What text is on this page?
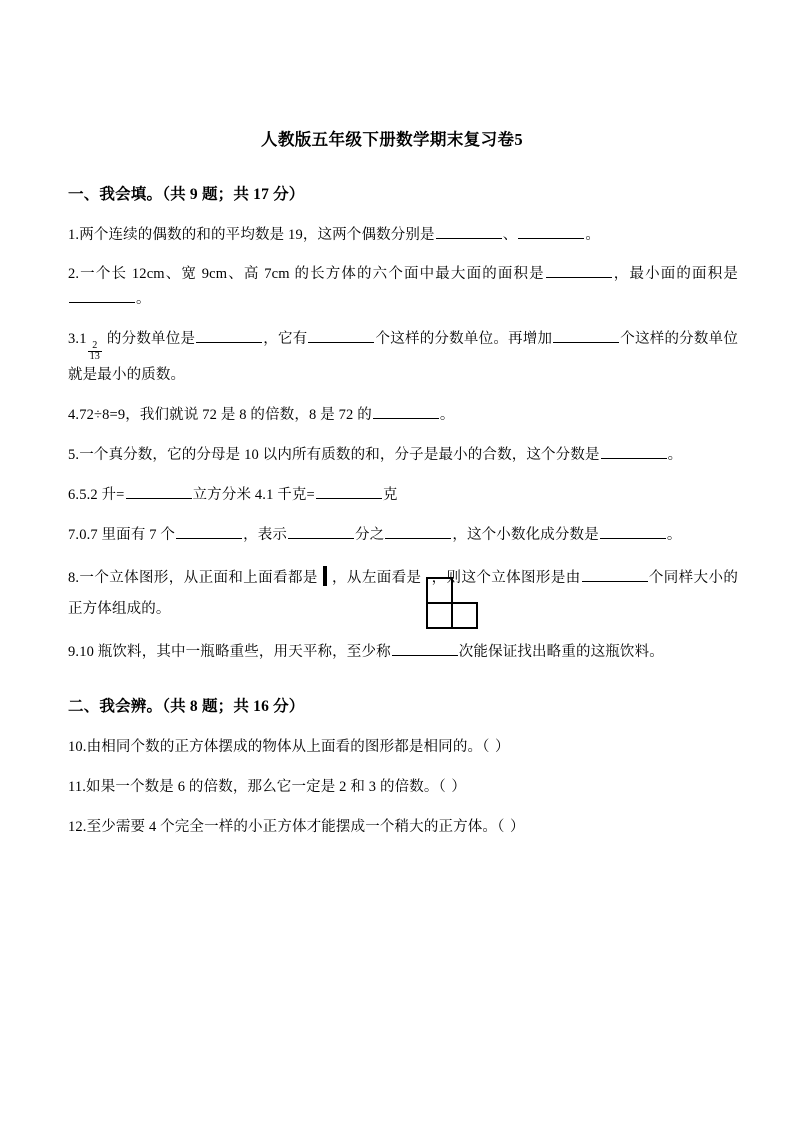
人教版五年级下册数学期末复习卷5
一、我会填。（共 9 题；共 17 分）
1.两个连续的偶数的和的平均数是 19，这两个偶数分别是	、	。
2.一个长 12cm、宽 9cm、高 7cm 的长方体的六个面中最大面的面积是	，最小面的面积是。
3.1
$\frac{2}{13}$
的分数单位是	，它有	个这样的分数单位。再增加	个这样的分数单位就是最小的质数。
4.72÷8=9，我们就说 72 是 8 的倍数，8 是 72 的	。
5.一个真分数，它的分母是 10 以内所有质数的和，分子是最小的合数，这个分数是	。
6.5.2 升=	立方分米 4.1 千克=	克
7.0.7 里面有 7 个	，表示	分之	，这个小数化成分数是	。
8.一个立体图形，从正面和上面看都是 ，从左面看是 ，则这个立体图形是由	个同样大小的正方体组成的。
9.10 瓶饮料，其中一瓶略重些，用天平称，至少称	次能保证找出略重的这瓶饮料。
二、我会辨。（共 8 题；共 16 分）
10.由相同个数的正方体摆成的物体从上面看的图形都是相同的。（ ）
11.如果一个数是 6 的倍数，那么它一定是 2 和 3 的倍数。（ ）
12.至少需要 4 个完全一样的小正方体才能摆成一个稍大的正方体。（ ）
